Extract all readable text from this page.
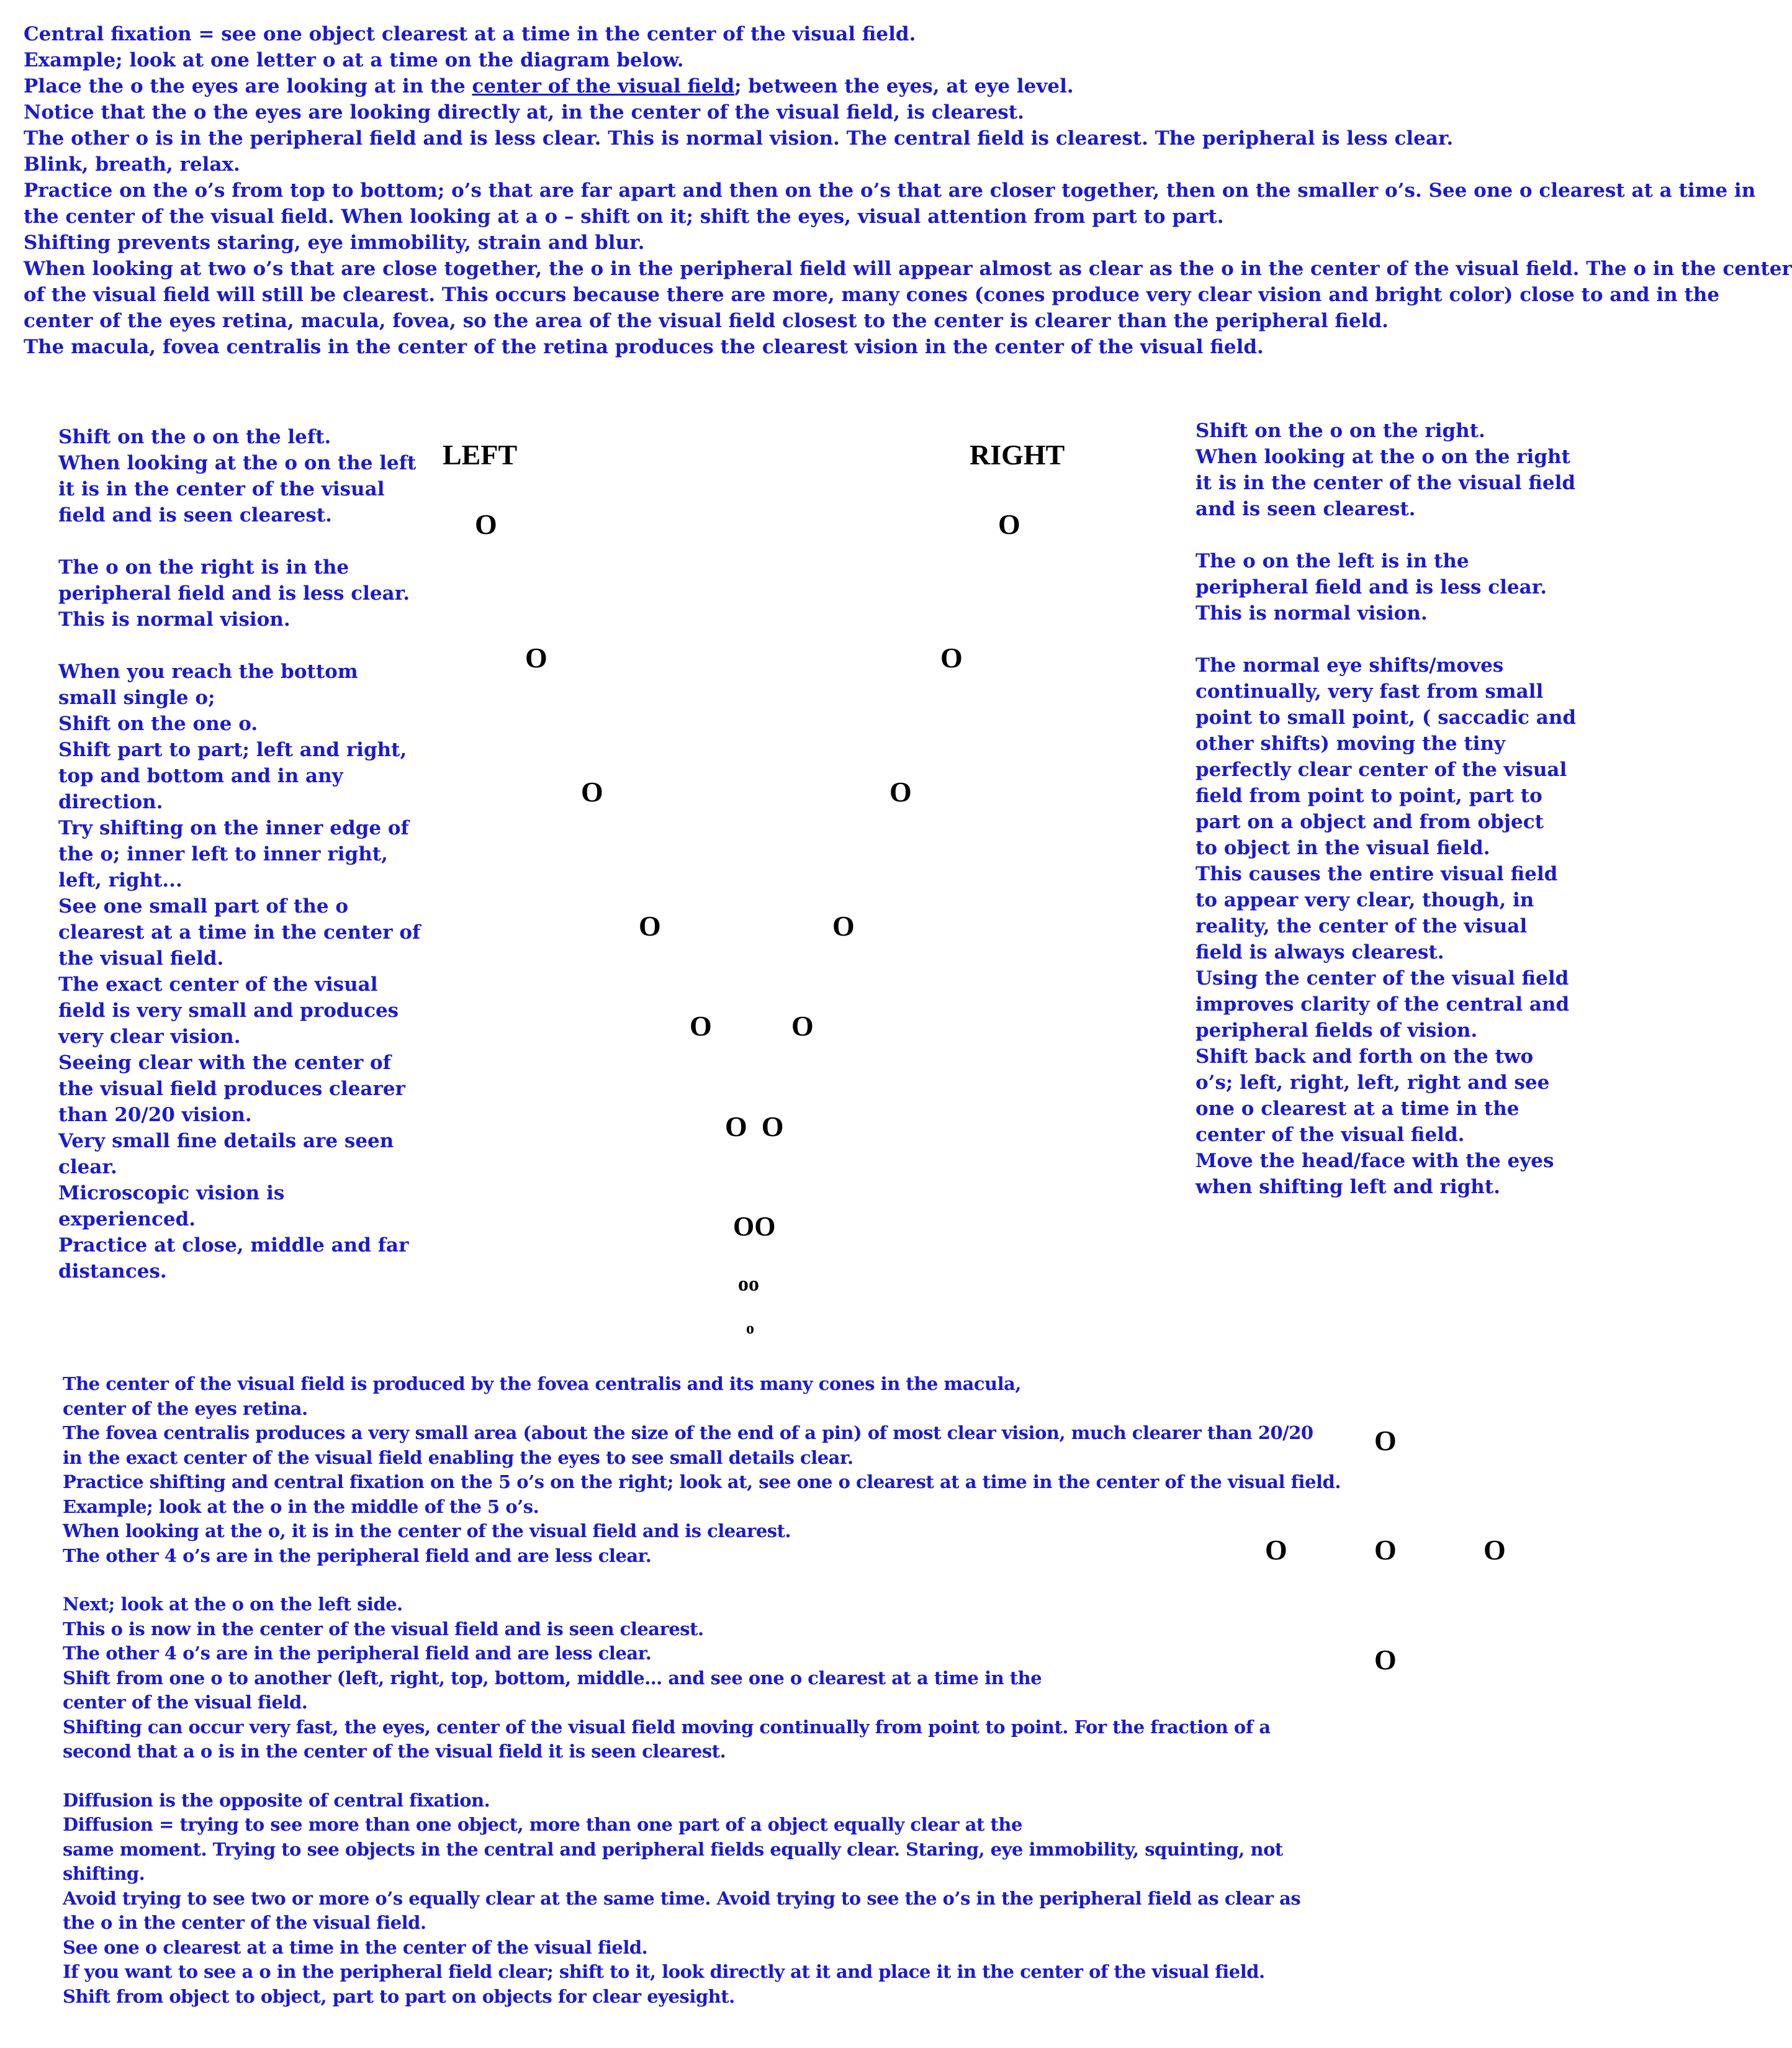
Central fixation = see one object clearest at a time in the center of the visual field.
Example; look at one letter o at a time on the diagram below.
Place the o the eyes are looking at in the center of the visual field; between the eyes, at eye level.
Notice that the o the eyes are looking directly at, in the center of the visual field, is clearest.
The other o is in the peripheral field and is less clear. This is normal vision. The central field is clearest. The peripheral is less clear.
Blink, breath, relax.
Practice on the o’s from top to bottom; o’s that are far apart and then on the o’s that are closer together, then on the smaller o’s. See one o clearest at a time in
the center of the visual field. When looking at a o – shift on it; shift the eyes, visual attention from part to part.
Shifting prevents staring, eye immobility, strain and blur.
When looking at two o’s that are close together, the o in the peripheral field will appear almost as clear as the o in the center of the visual field. The o in the center
of the visual field will still be clearest. This occurs because there are more, many cones (cones produce very clear vision and bright color) close to and in the
center of the eyes retina, macula, fovea, so the area of the visual field closest to the center is clearer than the peripheral field.
The macula, fovea centralis in the center of the retina produces the clearest vision in the center of the visual field.
Shift on the o on the left.
When looking at the o on the left
it is in the center of the visual
field and is seen clearest.
The o on the right is in the
peripheral field and is less clear.
This is normal vision.
When you reach the bottom
small single o;
Shift on the one o.
Shift part to part; left and right,
top and bottom and in any
direction.
Try shifting on the inner edge of
the o; inner left to inner right,
left, right...
See one small part of the o
clearest at a time in the center of
the visual field.
The exact center of the visual
field is very small and produces
very clear vision.
Seeing clear with the center of
the visual field produces clearer
than 20/20 vision.
Very small fine details are seen
clear.
Microscopic vision is
experienced.
Practice at close, middle and far
distances.
Shift on the o on the right.
When looking at the o on the right
it is in the center of the visual field
and is seen clearest.
The o on the left is in the
peripheral field and is less clear.
This is normal vision.
The normal eye shifts/moves
continually, very fast from small
point to small point, ( saccadic and
other shifts) moving the tiny
perfectly clear center of the visual
field from point to point, part to
part on a object and from object
to object in the visual field.
This causes the entire visual field
to appear very clear, though, in
reality, the center of the visual
field is always clearest.
Using the center of the visual field
improves clarity of the central and
peripheral fields of vision.
Shift back and forth on the two
o’s; left, right, left, right and see
one o clearest at a time in the
center of the visual field.
Move the head/face with the eyes
when shifting left and right.
LEFT	RIGHT
O	O
O	O
O	O
O	O
O	O
O  O
OO
oo
o
The center of the visual field is produced by the fovea centralis and its many cones in the macula,
center of the eyes retina.
The fovea centralis produces a very small area (about the size of the end of a pin) of most clear vision, much clearer than 20/20
in the exact center of the visual field enabling the eyes to see small details clear.
Practice shifting and central fixation on the 5 o’s on the right; look at, see one o clearest at a time in the center of the visual field.
Example; look at the o in the middle of the 5 o’s.
When looking at the o, it is in the center of the visual field and is clearest.
The other 4 o’s are in the peripheral field and are less clear.
Next; look at the o on the left side.
This o is now in the center of the visual field and is seen clearest.
The other 4 o’s are in the peripheral field and are less clear.
Shift from one o to another (left, right, top, bottom, middle… and see one o clearest at a time in the
center of the visual field.
Shifting can occur very fast, the eyes, center of the visual field moving continually from point to point. For the fraction of a
second that a o is in the center of the visual field it is seen clearest.
Diffusion is the opposite of central fixation.
Diffusion = trying to see more than one object, more than one part of a object equally clear at the
same moment. Trying to see objects in the central and peripheral fields equally clear. Staring, eye immobility, squinting, not
shifting.
Avoid trying to see two or more o’s equally clear at the same time. Avoid trying to see the o’s in the peripheral field as clear as
the o in the center of the visual field.
See one o clearest at a time in the center of the visual field.
If you want to see a o in the peripheral field clear; shift to it, look directly at it and place it in the center of the visual field.
Shift from object to object, part to part on objects for clear eyesight.
O
O	O	O
O
